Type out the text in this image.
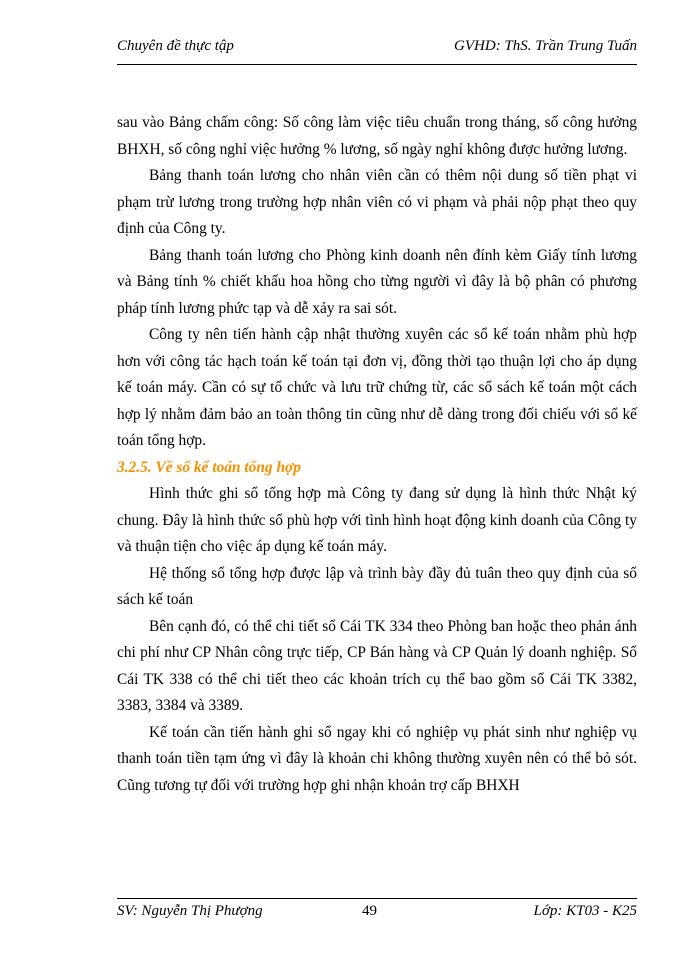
Chuyên đề thực tập	GVHD: ThS. Trần Trung Tuấn

sau vào Bảng chấm công: Số công làm việc tiêu chuẩn trong tháng, số công hưởng BHXH, số công nghỉ việc hưởng % lương, số ngày nghỉ không được hưởng lương.

Bảng thanh toán lương cho nhân viên cần có thêm nội dung số tiền phạt vi phạm trừ lương trong trường hợp nhân viên có vi phạm và phải nộp phạt theo quy định của Công ty.

Bảng thanh toán lương cho Phòng kinh doanh nên đính kèm Giấy tính lương và Bảng tính % chiết khấu hoa hồng cho từng người vì đây là bộ phân có phương pháp tính lương phức tạp và dễ xảy ra sai sót.

Công ty nên tiến hành cập nhật thường xuyên các sổ kế toán nhằm phù hợp hơn với công tác hạch toán kế toán tại đơn vị, đồng thời tạo thuận lợi cho áp dụng kế toán máy. Cần có sự tổ chức và lưu trữ chứng từ, các sổ sách kế toán một cách hợp lý nhằm đảm bảo an toàn thông tin cũng như dễ dàng trong đối chiếu với sổ kế toán tổng hợp.

3.2.5. Về sổ kế toán tổng hợp

Hình thức ghi sổ tổng hợp mà Công ty đang sử dụng là hình thức Nhật ký chung. Đây là hình thức sổ phù hợp với tình hình hoạt động kinh doanh của Công ty và thuận tiện cho việc áp dụng kế toán máy.

Hệ thống sổ tổng hợp được lập và trình bày đầy đủ tuân theo quy định của sổ sách kế toán

Bên cạnh đó, có thể chi tiết sổ Cái TK 334 theo Phòng ban hoặc theo phản ánh chi phí như CP Nhân công trực tiếp, CP Bán hàng và CP Quản lý doanh nghiệp. Sổ Cái TK 338 có thể chi tiết theo các khoản trích cụ thể bao gồm sổ Cái TK 3382, 3383, 3384 và 3389.

Kế toán cần tiến hành ghi sổ ngay khi có nghiệp vụ phát sinh như nghiệp vụ thanh toán tiền tạm ứng vì đây là khoản chi không thường xuyên nên có thể bỏ sót. Cũng tương tự đối với trường hợp ghi nhận khoản trợ cấp BHXH

SV: Nguyễn Thị Phượng	49	Lớp: KT03 - K25
